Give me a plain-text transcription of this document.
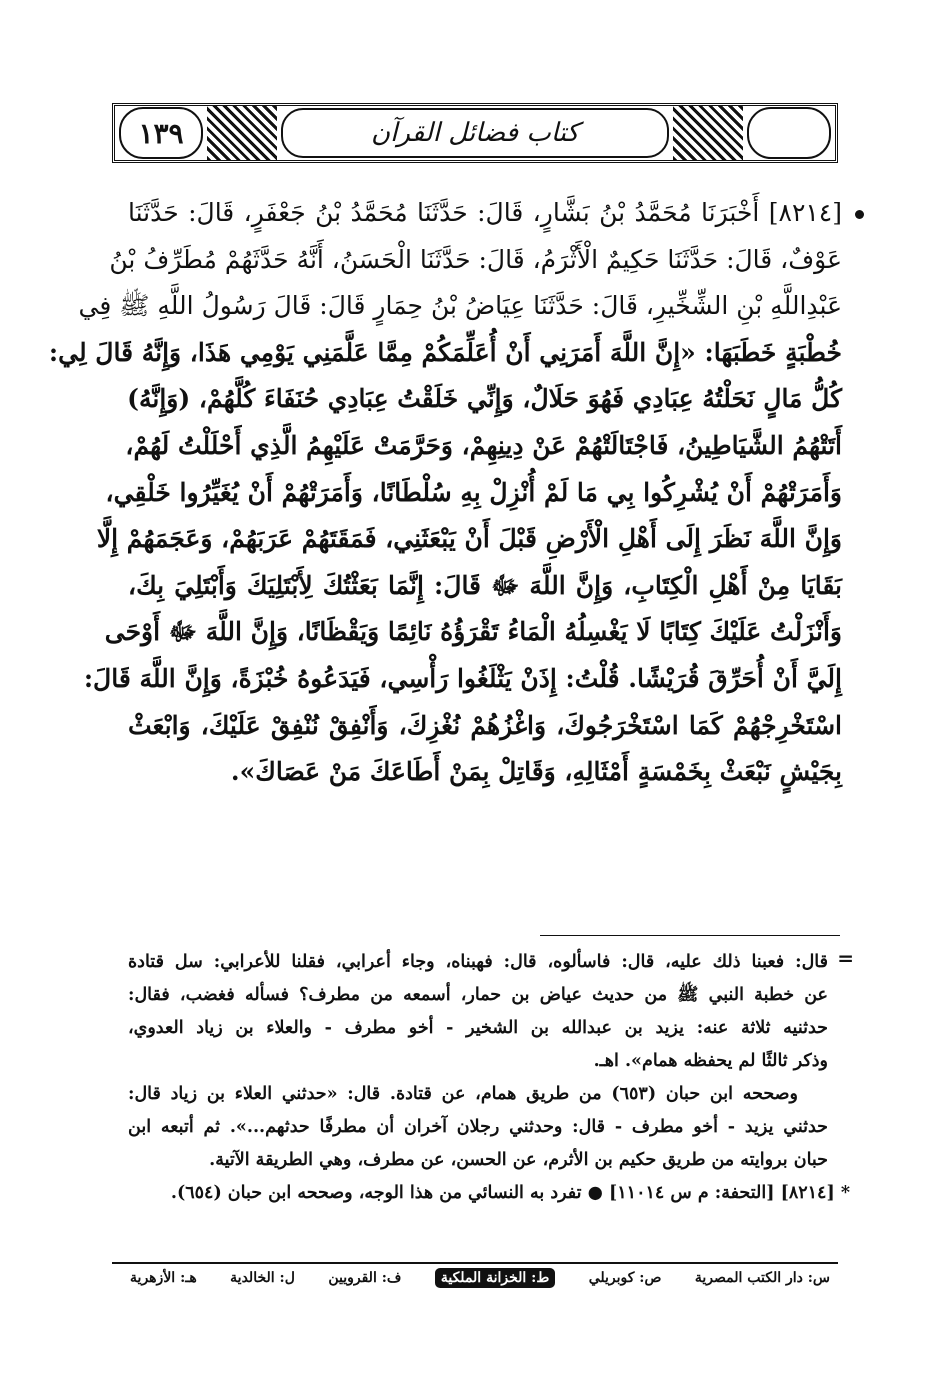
١٣٩	كتاب فضائل القرآن
[٨٢١٤] أَخْبَرَنَا مُحَمَّدُ بْنُ بَشَّارٍ، قَالَ: حَدَّثَنَا مُحَمَّدُ بْنُ جَعْفَرٍ، قَالَ: حَدَّثَنَا
عَوْفٌ، قَالَ: حَدَّثَنَا حَكِيمٌ الْأَثْرَمُ، قَالَ: حَدَّثَنَا الْحَسَنُ، أَنَّهُ حَدَّثَهُمْ مُطَرِّفُ بْنُ
عَبْدِاللَّهِ بْنِ الشِّخِّيرِ، قَالَ: حَدَّثَنَا عِيَاضُ بْنُ حِمَارٍ قَالَ: قَالَ رَسُولُ اللَّهِ ﷺ فِي
خُطْبَةٍ خَطَبَهَا: «إِنَّ اللَّهَ أَمَرَنِي أَنْ أُعَلِّمَكُمْ مِمَّا عَلَّمَنِي يَوْمِي هَذَا، وَإِنَّهُ قَالَ لِي:
كُلُّ مَالٍ نَحَلْتُهُ عِبَادِي فَهُوَ حَلَالٌ، وَإِنِّي خَلَقْتُ عِبَادِي حُنَفَاءَ كُلَّهُمْ، (وَإِنَّهُ)
أَتَتْهُمُ الشَّيَاطِينُ، فَاجْتَالَتْهُمْ عَنْ دِينِهِمْ، وَحَرَّمَتْ عَلَيْهِمُ الَّذِي أَحْلَلْتُ لَهُمْ،
وَأَمَرَتْهُمْ أَنْ يُشْرِكُوا بِي مَا لَمْ أُنْزِلْ بِهِ سُلْطَانًا، وَأَمَرَتْهُمْ أَنْ يُغَيِّرُوا خَلْقِي،
وَإِنَّ اللَّهَ نَظَرَ إِلَى أَهْلِ الْأَرْضِ قَبْلَ أَنْ يَبْعَثَنِي، فَمَقَتَهُمْ عَرَبَهُمْ، وَعَجَمَهُمْ إِلَّا
بَقَايَا مِنْ أَهْلِ الْكِتَابِ، وَإِنَّ اللَّهَ ﷻ قَالَ: إِنَّمَا بَعَثْتُكَ لِأَبْتَلِيَكَ وَأَبْتَلِيَ بِكَ،
وَأَنْزَلْتُ عَلَيْكَ كِتَابًا لَا يَغْسِلُهُ الْمَاءُ تَقْرَؤُهُ نَائِمًا وَيَقْظَانًا، وَإِنَّ اللَّهَ ﷻ أَوْحَى
إِلَيَّ أَنْ أُحَرِّقَ قُرَيْشًا. قُلْتُ: إِذَنْ يَثْلَغُوا رَأْسِي، فَيَدَعُوهُ خُبْزَةً، وَإِنَّ اللَّهَ قَالَ:
اسْتَخْرِجْهُمْ كَمَا اسْتَخْرَجُوكَ، وَاغْزُهُمْ نُغْزِكَ، وَأَنْفِقْ نُنْفِقْ عَلَيْكَ، وَابْعَثْ
بِجَيْشٍ نَبْعَثْ بِخَمْسَةٍ أَمْثَالِهِ، وَقَاتِلْ بِمَنْ أَطَاعَكَ مَنْ عَصَاكَ».
=
قال: فعبنا ذلك عليه، قال: فاسألوه، قال: فهبناه، وجاء أعرابي، فقلنا للأعرابي: سل قتادة
عن خطبة النبي ﷺ من حديث عياض بن حمار، أسمعه من مطرف؟ فسأله فغضب، فقال:
حدثنيه ثلاثة عنه: يزيد بن عبدالله بن الشخير - أخو مطرف - والعلاء بن زياد العدوي،
وذكر ثالثًا لم يحفظه همام». اهـ.
وصححه ابن حبان (٦٥٣) من طريق همام، عن قتادة. قال: «حدثني العلاء بن زياد قال:
حدثني يزيد - أخو مطرف - قال: وحدثني رجلان آخران أن مطرفًا حدثهم...». ثم أتبعه ابن
حبان بروايته من طريق حكيم بن الأثرم، عن الحسن، عن مطرف، وهي الطريقة الآتية.
* [٨٢١٤] [التحفة: م س ١١٠١٤] ● تفرد به النسائي من هذا الوجه، وصححه ابن حبان (٦٥٤).
س: دار الكتب المصرية
ص: كوبريلي
ط: الخزانة الملكية
ف: القرويين
ل: الخالدية
هـ: الأزهرية
